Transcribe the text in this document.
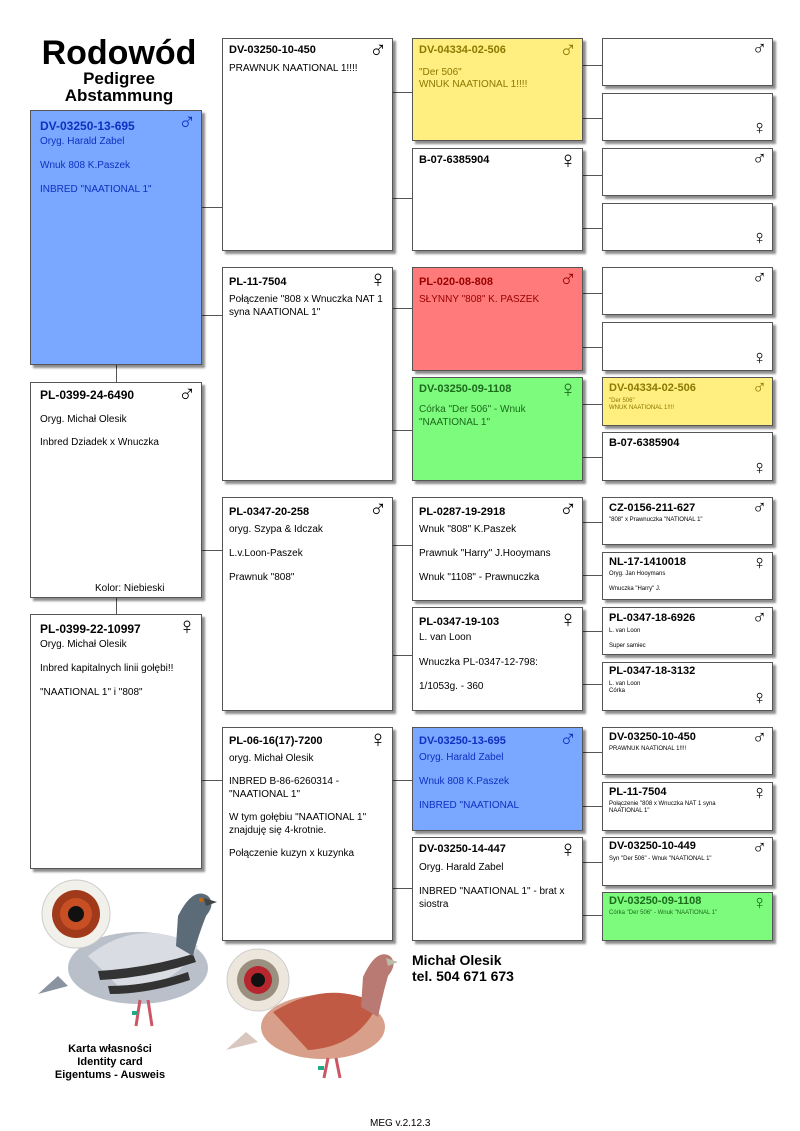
Rodowód
Pedigree
Abstammung
DV-03250-13-695 ♂
Oryg. Harald Zabel
Wnuk 808 K.Paszek
INBRED "NAATIONAL 1"
PL-0399-24-6490 ♂
Oryg. Michał Olesik
Inbred Dziadek x Wnuczka
Kolor: Niebieski
PL-0399-22-10997 ♀
Oryg. Michał Olesik
Inbred kapitalnych linii gołębi!!
"NAATIONAL 1" i "808"
DV-03250-10-450 ♂
PRAWNUK NAATIONAL 1!!!!
PL-11-7504	♀
Połączenie "808 x Wnuczka NAT 1 syna NAATIONAL 1"
PL-0347-20-258 ♂
oryg. Szypa & Idczak
L.v.Loon-Paszek
Prawnuk "808"
PL-06-16(17)-7200 ♀
oryg. Michał Olesik
INBRED B-86-6260314 - "NAATIONAL 1"
W tym gołębiu "NAATIONAL 1" znajduję się 4-krotnie.
Połączenie kuzyn x kuzynka
DV-04334-02-506 ♂
"Der 506"
WNUK NAATIONAL 1!!!!
B-07-6385904	♀
PL-020-08-808	♂
SŁYNNY "808" K. PASZEK
DV-03250-09-1108 ♀
Córka "Der 506" - Wnuk "NAATIONAL 1"
PL-0287-19-2918 ♂
Wnuk "808" K.Paszek
Prawnuk "Harry" J.Hooymans
Wnuk "1108" - Prawnuczka
PL-0347-19-103 ♀
L. van Loon
Wnuczka PL-0347-12-798:
1/1053g. - 360
DV-03250-13-695 ♂
Oryg. Harald Zabel
Wnuk 808 K.Paszek
INBRED "NAATIONAL
DV-03250-14-447 ♀
Oryg. Harald Zabel
INBRED "NAATIONAL 1" - brat x siostra
♂
♀
♂
♀
♂
♀
DV-04334-02-506	♂
"Der 506"
WNUK NAATIONAL 1!!!!
B-07-6385904
♀
CZ-0156-211-627	♂
"808" x Prawnuczka "NATIONAL 1"
NL-17-1410018	♀
Oryg. Jan Hooymans
Wnuczka "Harry" J.
PL-0347-18-6926	♂
L. van Loon
Super samiec
PL-0347-18-3132
♀
L. van Loon
Córka
DV-03250-10-450	♂
PRAWNUK NAATIONAL 1!!!!
PL-11-7504	♀
Połączenie "808 x Wnuczka NAT 1 syna NAATIONAL 1"
DV-03250-10-449	♂
Syn "Der 506" - Wnuk "NAATIONAL 1"
DV-03250-09-1108	♀
Córka "Der 506" - Wnuk "NAATIONAL 1"
Michał Olesik
tel. 504 671 673
Karta własności
Identity card
Eigentums - Ausweis
MEG v.2.12.3
